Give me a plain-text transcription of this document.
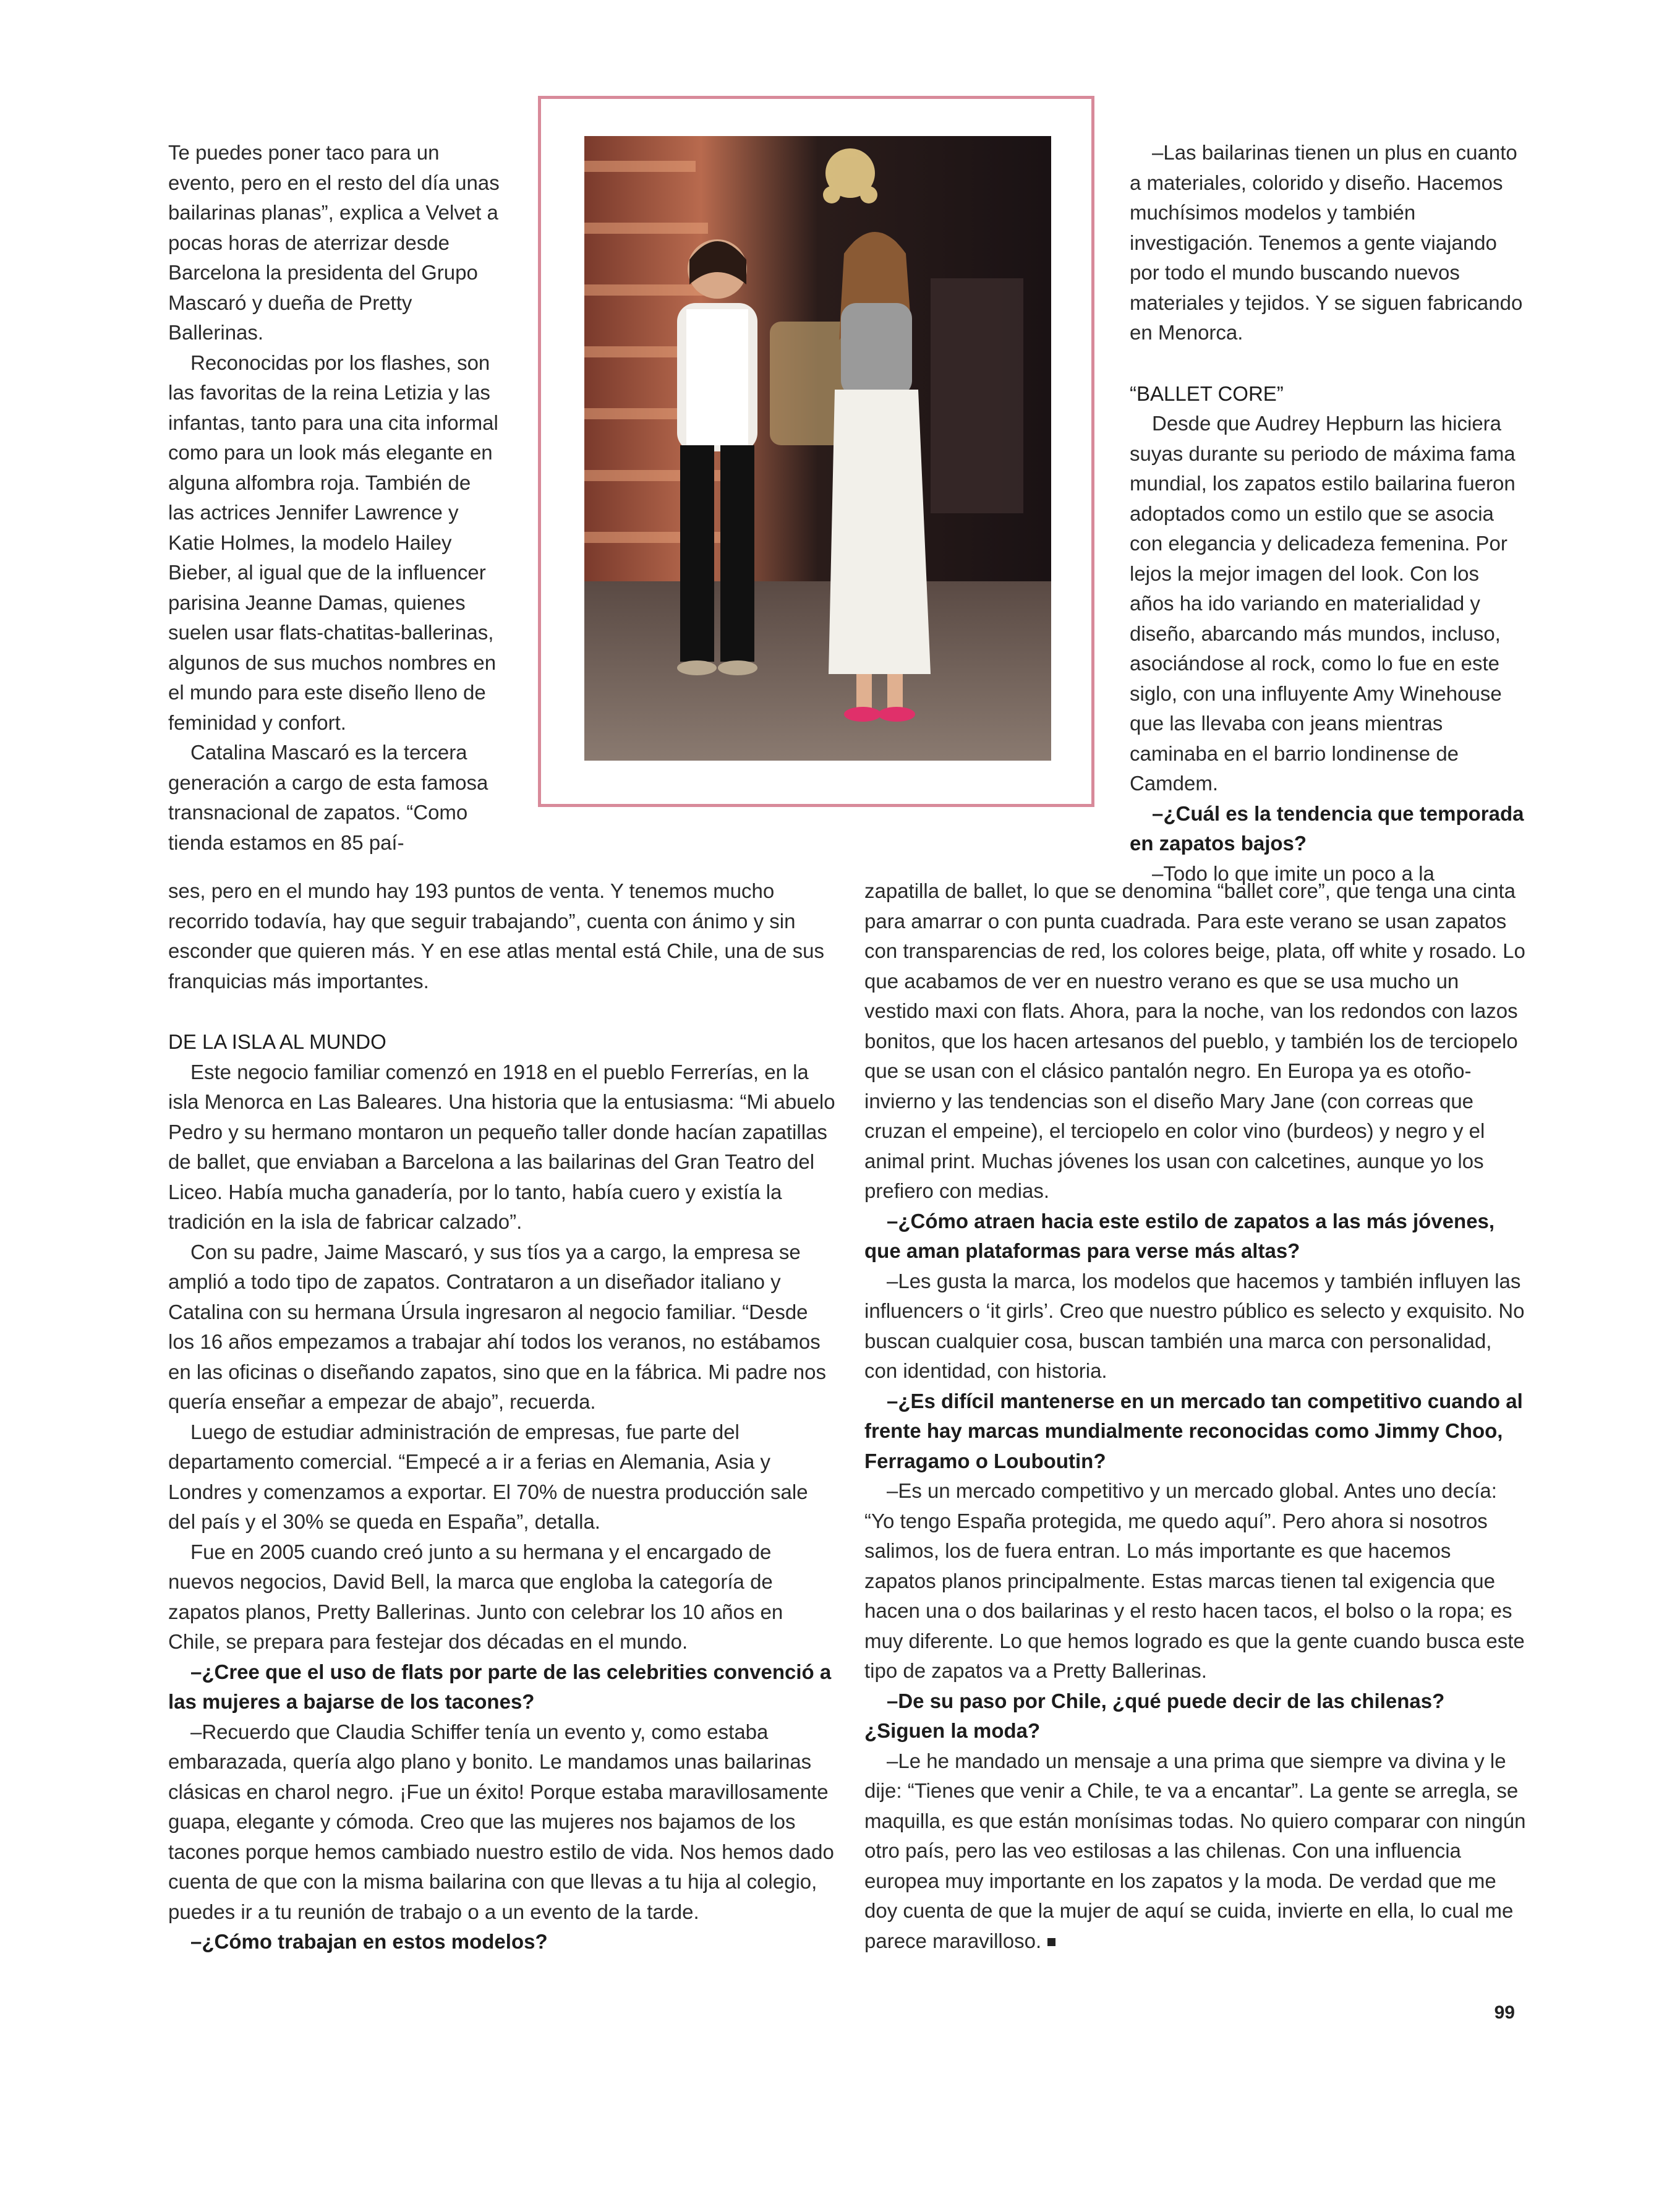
Te puedes poner taco para un evento, pero en el resto del día unas bailarinas planas”, explica a Velvet a pocas horas de aterrizar desde Barcelona la presidenta del Grupo Mascaró y dueña de Pretty Ballerinas.

Reconocidas por los flashes, son las favoritas de la reina Letizia y las infantas, tanto para una cita informal como para un look más elegante en alguna alfombra roja. También de las actrices Jennifer Lawrence y Katie Holmes, la modelo Hailey Bieber, al igual que de la influencer parisina Jeanne Damas, quienes suelen usar flats-chatitas-ballerinas, algunos de sus muchos nombres en el mundo para este diseño lleno de feminidad y confort.

Catalina Mascaró es la tercera generación a cargo de esta famosa transnacional de zapatos. “Como tienda estamos en 85 paí-

–Las bailarinas tienen un plus en cuanto a materiales, colorido y diseño. Hacemos muchísimos modelos y también investigación. Tenemos a gente viajando por todo el mundo buscando nuevos materiales y tejidos. Y se siguen fabricando en Menorca.

“BALLET CORE”

Desde que Audrey Hepburn las hiciera suyas durante su periodo de máxima fama mundial, los zapatos estilo bailarina fueron adoptados como un estilo que se asocia con elegancia y delicadeza femenina. Por lejos la mejor imagen del look. Con los años ha ido variando en materialidad y diseño, abarcando más mundos, incluso, asociándose al rock, como lo fue en este siglo, con una influyente Amy Winehouse que las llevaba con jeans mientras caminaba en el barrio londinense de Camdem.

–¿Cuál es la tendencia que temporada en zapatos bajos?

–Todo lo que imite un poco a la

ses, pero en el mundo hay 193 puntos de venta. Y tenemos mucho recorrido todavía, hay que seguir trabajando”, cuenta con ánimo y sin esconder que quieren más. Y en ese atlas mental está Chile, una de sus franquicias más importantes.

DE LA ISLA AL MUNDO

Este negocio familiar comenzó en 1918 en el pueblo Ferrerías, en la isla Menorca en Las Baleares. Una historia que la entusiasma: “Mi abuelo Pedro y su hermano montaron un pequeño taller donde hacían zapatillas de ballet, que enviaban a Barcelona a las bailarinas del Gran Teatro del Liceo. Había mucha ganadería, por lo tanto, había cuero y existía la tradición en la isla de fabricar calzado”.

Con su padre, Jaime Mascaró, y sus tíos ya a cargo, la empresa se amplió a todo tipo de zapatos. Contrataron a un diseñador italiano y Catalina con su hermana Úrsula ingresaron al negocio familiar. “Desde los 16 años empezamos a trabajar ahí todos los veranos, no estábamos en las oficinas o diseñando zapatos, sino que en la fábrica. Mi padre nos quería enseñar a empezar de abajo”, recuerda.

Luego de estudiar administración de empresas, fue parte del departamento comercial. “Empecé a ir a ferias en Alemania, Asia y Londres y comenzamos a exportar. El 70% de nuestra producción sale del país y el 30% se queda en España”, detalla.

Fue en 2005 cuando creó junto a su hermana y el encargado de nuevos negocios, David Bell, la marca que engloba la categoría de zapatos planos, Pretty Ballerinas. Junto con celebrar los 10 años en Chile, se prepara para festejar dos décadas en el mundo.

–¿Cree que el uso de flats por parte de las celebrities convenció a las mujeres a bajarse de los tacones?

–Recuerdo que Claudia Schiffer tenía un evento y, como estaba embarazada, quería algo plano y bonito. Le mandamos unas bailarinas clásicas en charol negro. ¡Fue un éxito! Porque estaba maravillosamente guapa, elegante y cómoda. Creo que las mujeres nos bajamos de los tacones porque hemos cambiado nuestro estilo de vida. Nos hemos dado cuenta de que con la misma bailarina con que llevas a tu hija al colegio, puedes ir a tu reunión de trabajo o a un evento de la tarde.

–¿Cómo trabajan en estos modelos?

zapatilla de ballet, lo que se denomina “ballet core”, que tenga una cinta para amarrar o con punta cuadrada. Para este verano se usan zapatos con transparencias de red, los colores beige, plata, off white y rosado. Lo que acabamos de ver en nuestro verano es que se usa mucho un vestido maxi con flats. Ahora, para la noche, van los redondos con lazos bonitos, que los hacen artesanos del pueblo, y también los de terciopelo que se usan con el clásico pantalón negro. En Europa ya es otoño-invierno y las tendencias son el diseño Mary Jane (con correas que cruzan el empeine), el terciopelo en color vino (burdeos) y negro y el animal print. Muchas jóvenes los usan con calcetines, aunque yo los prefiero con medias.

–¿Cómo atraen hacia este estilo de zapatos a las más jóvenes, que aman plataformas para verse más altas?

–Les gusta la marca, los modelos que hacemos y también influyen las influencers o ‘it girls’. Creo que nuestro público es selecto y exquisito. No buscan cualquier cosa, buscan también una marca con personalidad, con identidad, con historia.

–¿Es difícil mantenerse en un mercado tan competitivo cuando al frente hay marcas mundialmente reconocidas como Jimmy Choo, Ferragamo o Louboutin?

–Es un mercado competitivo y un mercado global. Antes uno decía: “Yo tengo España protegida, me quedo aquí”. Pero ahora si nosotros salimos, los de fuera entran. Lo más importante es que hacemos zapatos planos principalmente. Estas marcas tienen tal exigencia que hacen una o dos bailarinas y el resto hacen tacos, el bolso o la ropa; es muy diferente. Lo que hemos logrado es que la gente cuando busca este tipo de zapatos va a Pretty Ballerinas.

–De su paso por Chile, ¿qué puede decir de las chilenas? ¿Siguen la moda?

–Le he mandado un mensaje a una prima que siempre va divina y le dije: “Tienes que venir a Chile, te va a encantar”. La gente se arregla, se maquilla, es que están monísimas todas. No quiero comparar con ningún otro país, pero las veo estilosas a las chilenas. Con una influencia europea muy importante en los zapatos y la moda. De verdad que me doy cuenta de que la mujer de aquí se cuida, invierte en ella, lo cual me parece maravilloso.

99
